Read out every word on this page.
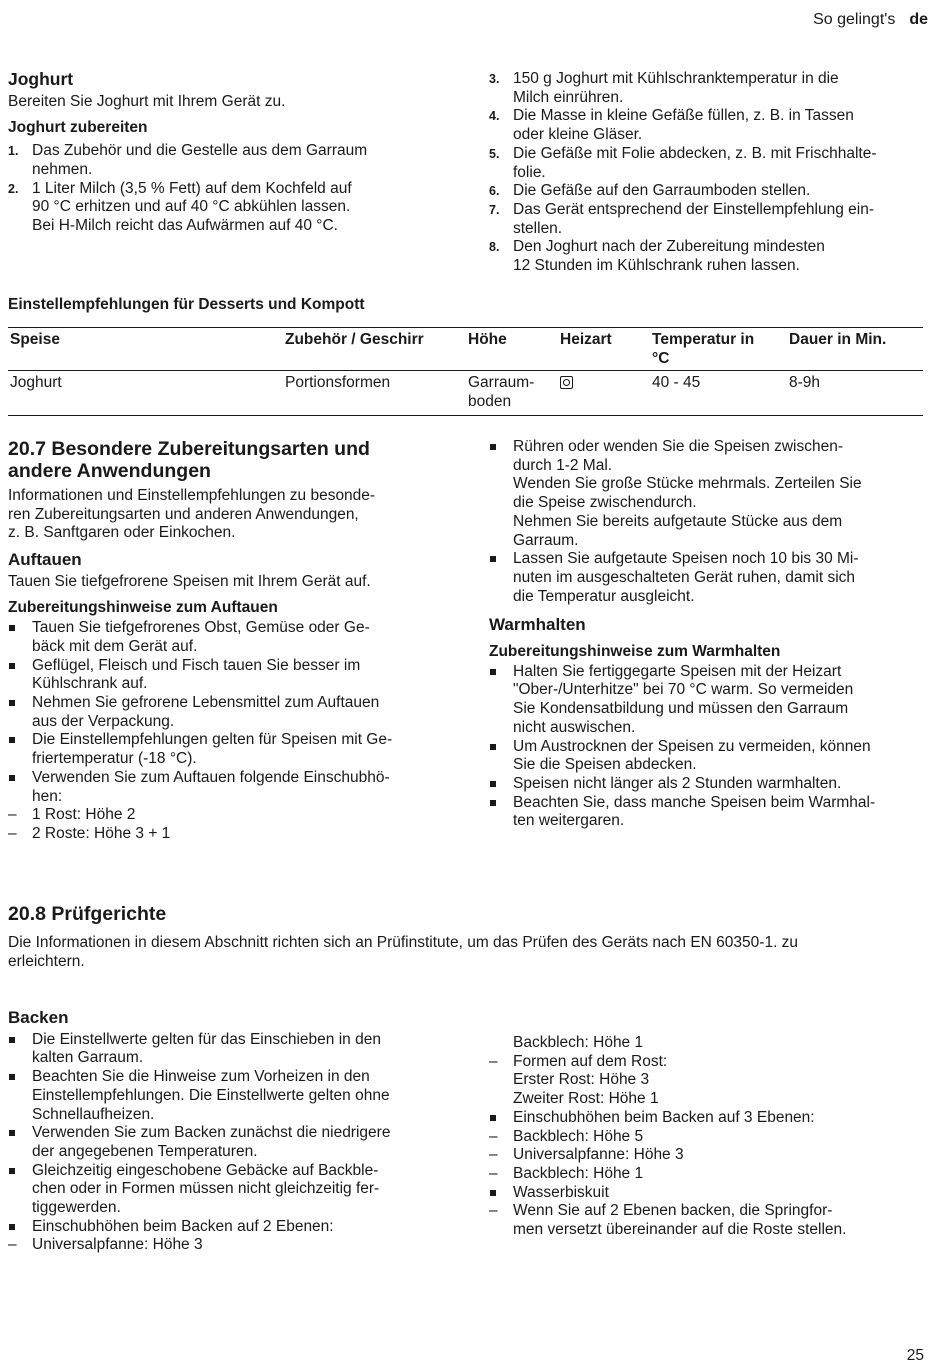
So gelingt's de
Joghurt

Bereiten Sie Joghurt mit Ihrem Gerät zu.

Joghurt zubereiten
1. Das Zubehör und die Gestelle aus dem Garraum
nehmen.
2. 1 Liter Milch (3,5 % Fett) auf dem Kochfeld auf
90 °C erhitzen und auf 40 °C abkühlen lassen.
Bei H-Milch reicht das Aufwärmen auf 40 °C.
3. 150 g Joghurt mit Kühlschranktemperatur in die
Milch einrühren.
4. Die Masse in kleine Gefäße füllen, z. B. in Tassen
oder kleine Gläser.
5. Die Gefäße mit Folie abdecken, z. B. mit Frischhalte-
folie.
6. Die Gefäße auf den Garraumboden stellen.
7. Das Gerät entsprechend der Einstellempfehlung ein-
stellen.
8. Den Joghurt nach der Zubereitung mindesten
12 Stunden im Kühlschrank ruhen lassen.
Einstellempfehlungen für Desserts und Kompott
Speise	Zubehör / Geschirr	Höhe	Heizart	Temperatur in
°C	Dauer in Min.
Joghurt	Portionsformen	Garraum-
boden		40 - 45	8-9h
20.7 Besondere Zubereitungsarten und
andere Anwendungen

Informationen und Einstellempfehlungen zu besonde-
ren Zubereitungsarten und anderen Anwendungen,
z. B. Sanftgaren oder Einkochen.

Auftauen

Tauen Sie tiefgefrorene Speisen mit Ihrem Gerät auf.

Zubereitungshinweise zum Auftauen
Tauen Sie tiefgefrorenes Obst, Gemüse oder Ge-
bäck mit dem Gerät auf.
Geflügel, Fleisch und Fisch tauen Sie besser im
Kühlschrank auf.
Nehmen Sie gefrorene Lebensmittel zum Auftauen
aus der Verpackung.
Die Einstellempfehlungen gelten für Speisen mit Ge-
friertemperatur (-18 °C).
Verwenden Sie zum Auftauen folgende Einschubhö-
hen:
– 1 Rost: Höhe 2
– 2 Roste: Höhe 3 + 1
Rühren oder wenden Sie die Speisen zwischen-
durch 1-2 Mal.
Wenden Sie große Stücke mehrmals. Zerteilen Sie
die Speise zwischendurch.
Nehmen Sie bereits aufgetaute Stücke aus dem
Garraum.
Lassen Sie aufgetaute Speisen noch 10 bis 30 Mi-
nuten im ausgeschalteten Gerät ruhen, damit sich
die Temperatur ausgleicht.
Warmhalten
Zubereitungshinweise zum Warmhalten
Halten Sie fertiggegarte Speisen mit der Heizart
"Ober-/Unterhitze" bei 70 °C warm. So vermeiden
Sie Kondensatbildung und müssen den Garraum
nicht auswischen.
Um Austrocknen der Speisen zu vermeiden, können
Sie die Speisen abdecken.
Speisen nicht länger als 2 Stunden warmhalten.
Beachten Sie, dass manche Speisen beim Warmhal-
ten weitergaren.
20.8 Prüfgerichte

Die Informationen in diesem Abschnitt richten sich an Prüfinstitute, um das Prüfen des Geräts nach EN 60350-1. zu
erleichtern.

Backen
Die Einstellwerte gelten für das Einschieben in den
kalten Garraum.
Beachten Sie die Hinweise zum Vorheizen in den
Einstellempfehlungen. Die Einstellwerte gelten ohne
Schnellaufheizen.
Verwenden Sie zum Backen zunächst die niedrigere
der angegebenen Temperaturen.
Gleichzeitig eingeschobene Gebäcke auf Backble-
chen oder in Formen müssen nicht gleichzeitig fer-
tiggewerden.
Einschubhöhen beim Backen auf 2 Ebenen:
– Universalpfanne: Höhe 3
Backblech: Höhe 1
– Formen auf dem Rost:
Erster Rost: Höhe 3
Zweiter Rost: Höhe 1
Einschubhöhen beim Backen auf 3 Ebenen:
– Backblech: Höhe 5
– Universalpfanne: Höhe 3
– Backblech: Höhe 1
Wasserbiskuit
– Wenn Sie auf 2 Ebenen backen, die Springfor-
men versetzt übereinander auf die Roste stellen.
25
